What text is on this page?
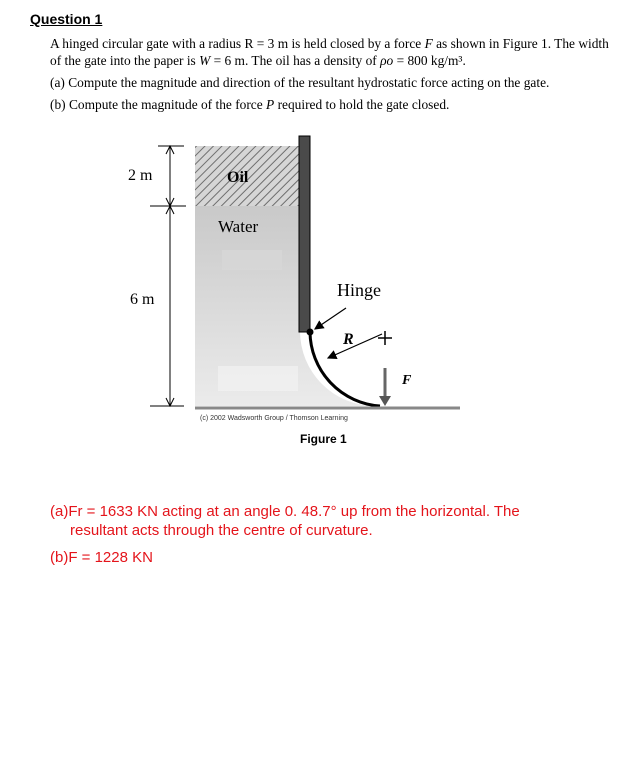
Question 1

A hinged circular gate with a radius R = 3 m is held closed by a force F as shown in Figure 1. The width of the gate into the paper is W = 6 m. The oil has a density of ρo = 800 kg/m³.

(a) Compute the magnitude and direction of the resultant hydrostatic force acting on the gate.

(b) Compute the magnitude of the force P required to hold the gate closed.

2 m
6 m
Oil
Water
Hinge
R
F
(c) 2002 Wadsworth Group / Thomson Learning
Figure 1

(a)Fr = 1633 KN acting at an angle 0. 48.7° up from the horizontal. The

resultant acts through the centre of curvature.

(b)F = 1228 KN
